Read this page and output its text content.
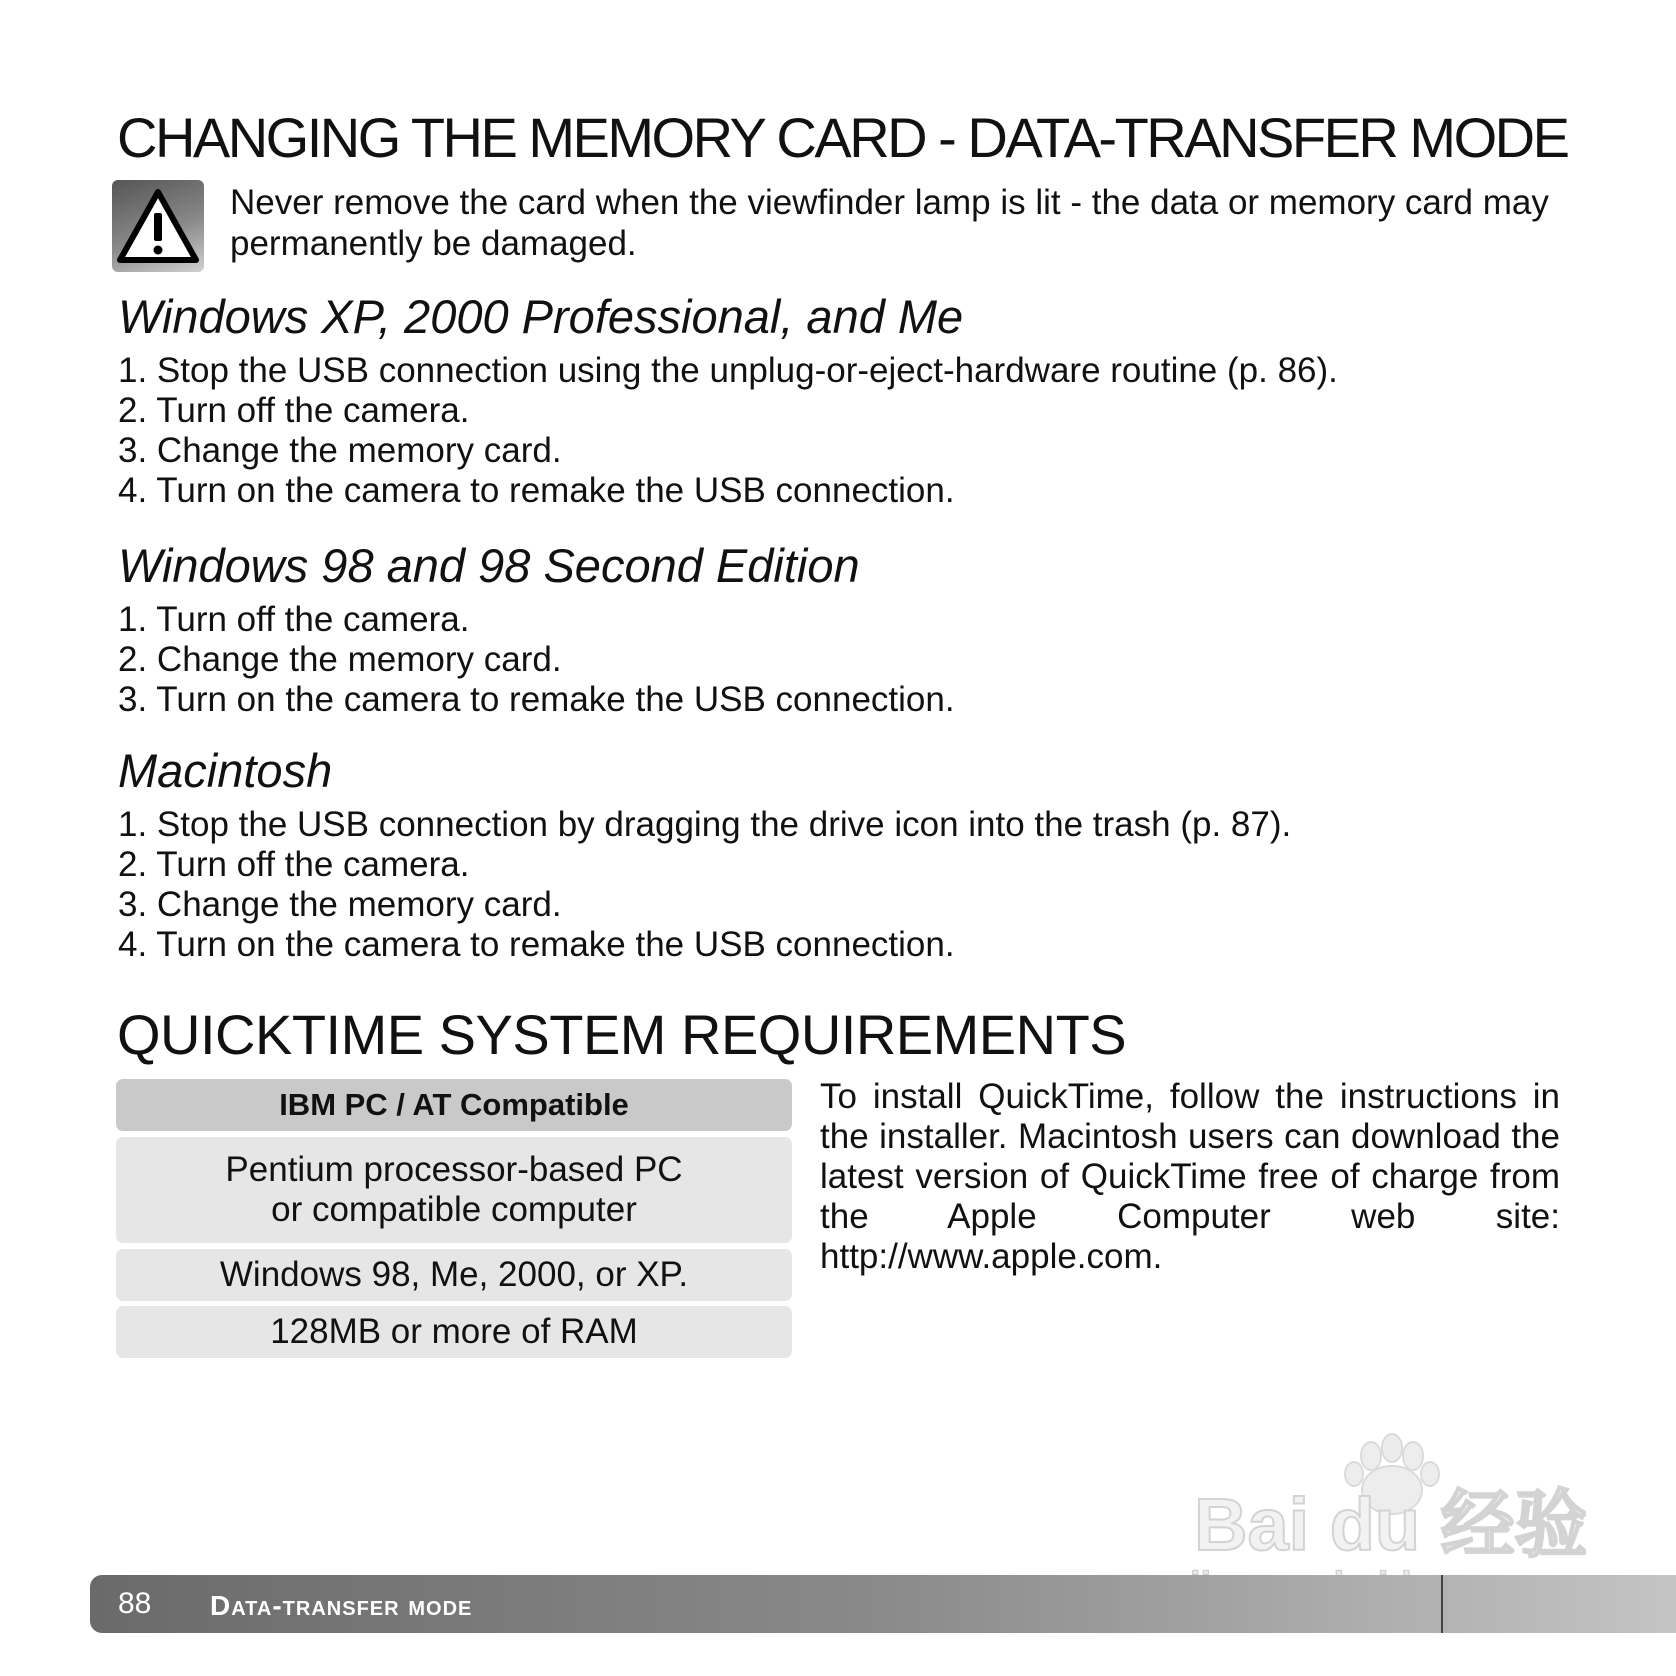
CHANGING THE MEMORY CARD - DATA-TRANSFER MODE
Never remove the card when the viewfinder lamp is lit - the data or memory card may permanently be damaged.
Windows XP, 2000 Professional, and Me
1. Stop the USB connection using the unplug-or-eject-hardware routine (p. 86).
2. Turn off the camera.
3. Change the memory card.
4. Turn on the camera to remake the USB connection.
Windows 98 and 98 Second Edition
1. Turn off the camera.
2. Change the memory card.
3. Turn on the camera to remake the USB connection.
Macintosh
1. Stop the USB connection by dragging the drive icon into the trash (p. 87).
2. Turn off the camera.
3. Change the memory card.
4. Turn on the camera to remake the USB connection.
QUICKTIME SYSTEM REQUIREMENTS
IBM PC / AT Compatible
Pentium processor-based PC
or compatible computer
Windows 98, Me, 2000, or XP.
128MB or more of RAM
To install QuickTime, follow the instructions in the installer. Macintosh users can download the latest version of QuickTime free of charge from the Apple Computer web site: http://www.apple.com.
Bai du 经验
88 Data-transfer mode
